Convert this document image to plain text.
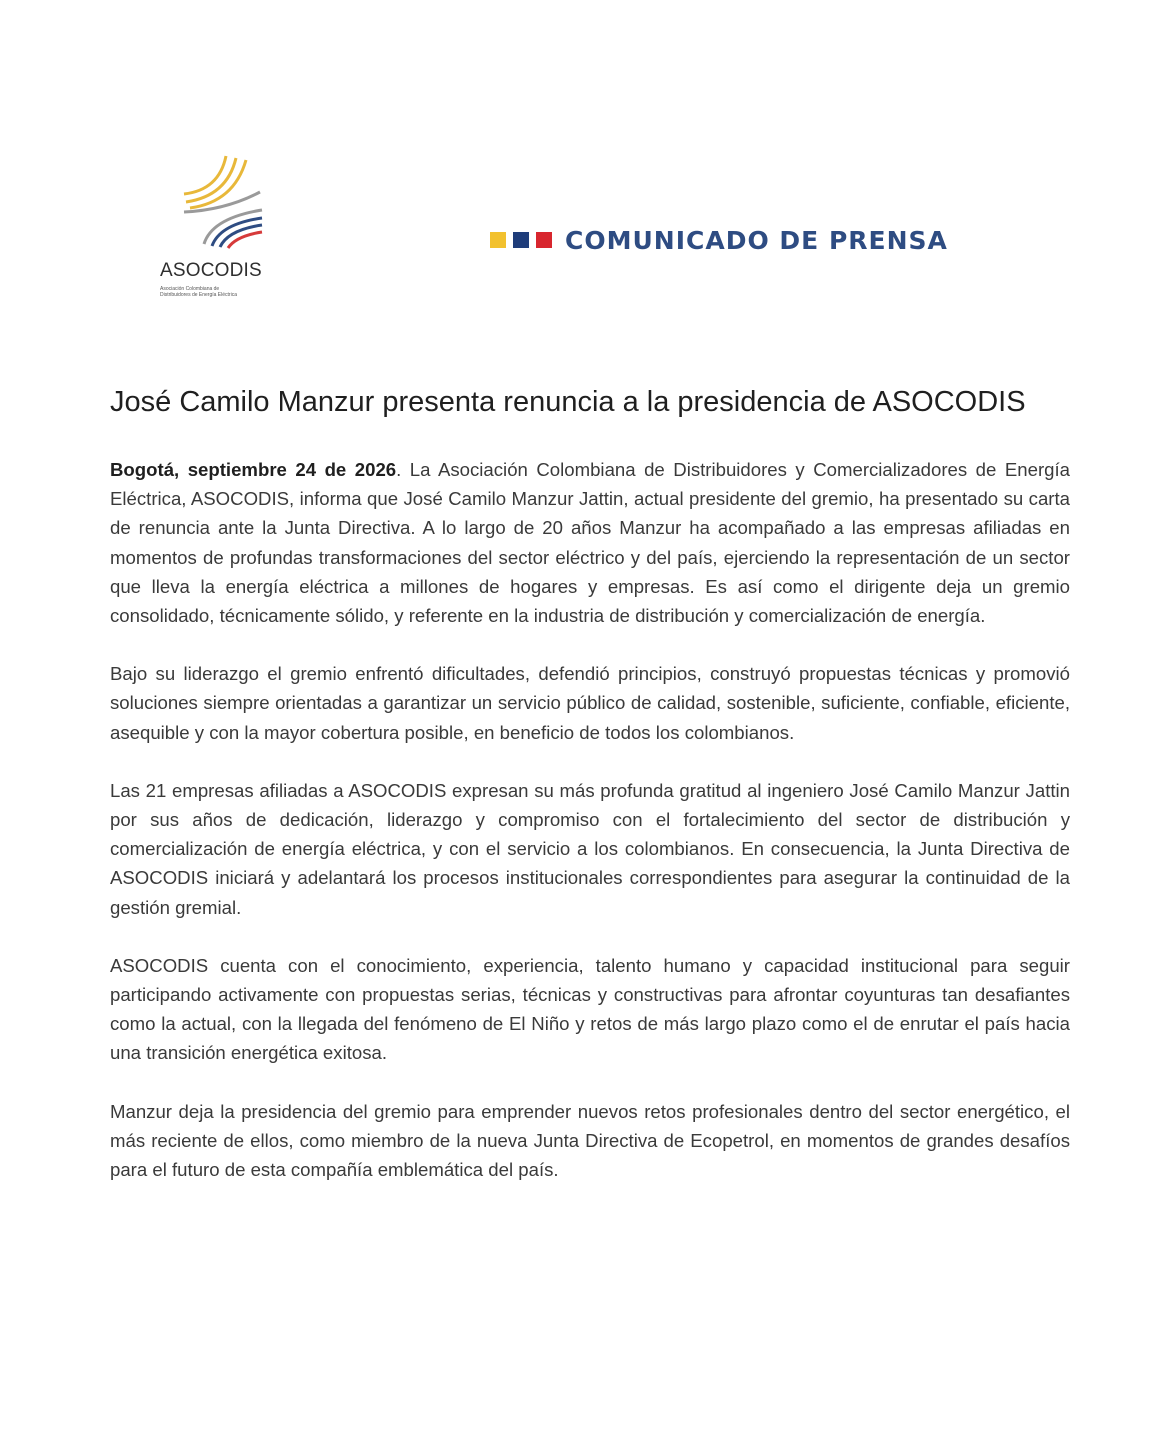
ASOCODIS
Asociación Colombiana de
Distribuidores de Energía Eléctrica
COMUNICADO DE PRENSA
José Camilo Manzur presenta renuncia a la presidencia de ASOCODIS

Bogotá, septiembre 24 de 2026. La Asociación Colombiana de Distribuidores y Comercializadores de Energía Eléctrica, ASOCODIS, informa que José Camilo Manzur Jattin, actual presidente del gremio, ha presentado su carta de renuncia ante la Junta Directiva. A lo largo de 20 años Manzur ha acompañado a las empresas afiliadas en momentos de profundas transformaciones del sector eléctrico y del país, ejerciendo la representación de un sector que lleva la energía eléctrica a millones de hogares y empresas. Es así como el dirigente deja un gremio consolidado, técnicamente sólido, y referente en la industria de distribución y comercialización de energía.

Bajo su liderazgo el gremio enfrentó dificultades, defendió principios, construyó propuestas técnicas y promovió soluciones siempre orientadas a garantizar un servicio público de calidad, sostenible, suficiente, confiable, eficiente, asequible y con la mayor cobertura posible, en beneficio de todos los colombianos.

Las 21 empresas afiliadas a ASOCODIS expresan su más profunda gratitud al ingeniero José Camilo Manzur Jattin por sus años de dedicación, liderazgo y compromiso con el fortalecimiento del sector de distribución y comercialización de energía eléctrica, y con el servicio a los colombianos. En consecuencia, la Junta Directiva de ASOCODIS iniciará y adelantará los procesos institucionales correspondientes para asegurar la continuidad de la gestión gremial.

ASOCODIS cuenta con el conocimiento, experiencia, talento humano y capacidad institucional para seguir participando activamente con propuestas serias, técnicas y constructivas para afrontar coyunturas tan desafiantes como la actual, con la llegada del fenómeno de El Niño y retos de más largo plazo como el de enrutar el país hacia una transición energética exitosa.

Manzur deja la presidencia del gremio para emprender nuevos retos profesionales dentro del sector energético, el más reciente de ellos, como miembro de la nueva Junta Directiva de Ecopetrol, en momentos de grandes desafíos para el futuro de esta compañía emblemática del país.
